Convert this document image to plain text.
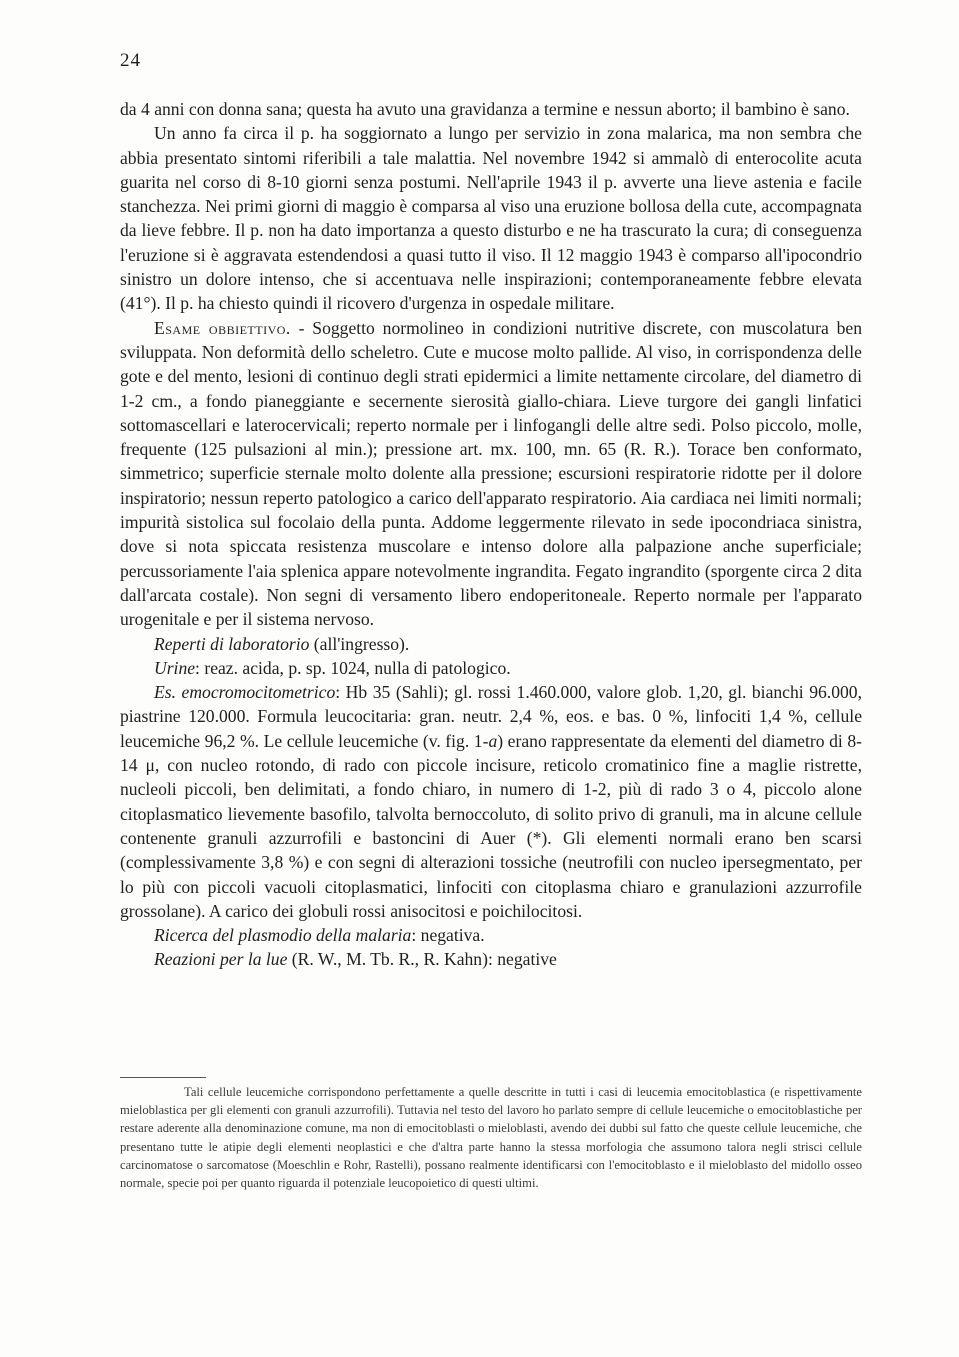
24

da 4 anni con donna sana; questa ha avuto una gravidanza a termine e nessun aborto; il bambino è sano.

Un anno fa circa il p. ha soggiornato a lungo per servizio in zona malarica, ma non sembra che abbia presentato sintomi riferibili a tale malattia. Nel novembre 1942 si ammalò di enterocolite acuta guarita nel corso di 8-10 giorni senza postumi. Nell'aprile 1943 il p. avverte una lieve astenia e facile stanchezza. Nei primi giorni di maggio è comparsa al viso una eruzione bollosa della cute, accompagnata da lieve febbre. Il p. non ha dato importanza a questo disturbo e ne ha trascurato la cura; di conseguenza l'eruzione si è aggravata estendendosi a quasi tutto il viso. Il 12 maggio 1943 è comparso all'ipocondrio sinistro un dolore intenso, che si accentuava nelle inspirazioni; contemporaneamente febbre elevata (41°). Il p. ha chiesto quindi il ricovero d'urgenza in ospedale militare.

Esame obbiettivo. - Soggetto normolineo in condizioni nutritive discrete, con muscolatura ben sviluppata. Non deformità dello scheletro. Cute e mucose molto pallide. Al viso, in corrispondenza delle gote e del mento, lesioni di continuo degli strati epidermici a limite nettamente circolare, del diametro di 1-2 cm., a fondo pianeggiante e secernente sierosità giallo-chiara. Lieve turgore dei gangli linfatici sottomascellari e laterocervicali; reperto normale per i linfogangli delle altre sedi. Polso piccolo, molle, frequente (125 pulsazioni al min.); pressione art. mx. 100, mn. 65 (R. R.). Torace ben conformato, simmetrico; superficie sternale molto dolente alla pressione; escursioni respiratorie ridotte per il dolore inspiratorio; nessun reperto patologico a carico dell'apparato respiratorio. Aia cardiaca nei limiti normali; impurità sistolica sul focolaio della punta. Addome leggermente rilevato in sede ipocondriaca sinistra, dove si nota spiccata resistenza muscolare e intenso dolore alla palpazione anche superficiale; percussoriamente l'aia splenica appare notevolmente ingrandita. Fegato ingrandito (sporgente circa 2 dita dall'arcata costale). Non segni di versamento libero endoperitoneale. Reperto normale per l'apparato urogenitale e per il sistema nervoso.

Reperti di laboratorio (all'ingresso).

Urine: reaz. acida, p. sp. 1024, nulla di patologico.

Es. emocromocitometrico: Hb 35 (Sahli); gl. rossi 1.460.000, valore glob. 1,20, gl. bianchi 96.000, piastrine 120.000. Formula leucocitaria: gran. neutr. 2,4 %, eos. e bas. 0 %, linfociti 1,4 %, cellule leucemiche 96,2 %. Le cellule leucemiche (v. fig. 1-a) erano rappresentate da elementi del diametro di 8-14 μ, con nucleo rotondo, di rado con piccole incisure, reticolo cromatinico fine a maglie ristrette, nucleoli piccoli, ben delimitati, a fondo chiaro, in numero di 1-2, più di rado 3 o 4, piccolo alone citoplasmatico lievemente basofilo, talvolta bernoccoluto, di solito privo di granuli, ma in alcune cellule contenente granuli azzurrofili e bastoncini di Auer (*). Gli elementi normali erano ben scarsi (complessivamente 3,8 %) e con segni di alterazioni tossiche (neutrofili con nucleo ipersegmentato, per lo più con piccoli vacuoli citoplasmatici, linfociti con citoplasma chiaro e granulazioni azzurrofile grossolane). A carico dei globuli rossi anisocitosi e poichilocitosi.

Ricerca del plasmodio della malaria: negativa.

Reazioni per la lue (R. W., M. Tb. R., R. Kahn): negative

Tali cellule leucemiche corrispondono perfettamente a quelle descritte in tutti i casi di leucemia emocitoblastica (e rispettivamente mieloblastica per gli elementi con granuli azzurrofili). Tuttavia nel testo del lavoro ho parlato sempre di cellule leucemiche o emocitoblastiche per restare aderente alla denominazione comune, ma non di emocitoblasti o mieloblasti, avendo dei dubbi sul fatto che queste cellule leucemiche, che presentano tutte le atipie degli elementi neoplastici e che d'altra parte hanno la stessa morfologia che assumono talora negli strisci cellule carcinomatose o sarcomatose (Moeschlin e Rohr, Rastelli), possano realmente identificarsi con l'emocitoblasto e il mieloblasto del midollo osseo normale, specie poi per quanto riguarda il potenziale leucopoietico di questi ultimi.
